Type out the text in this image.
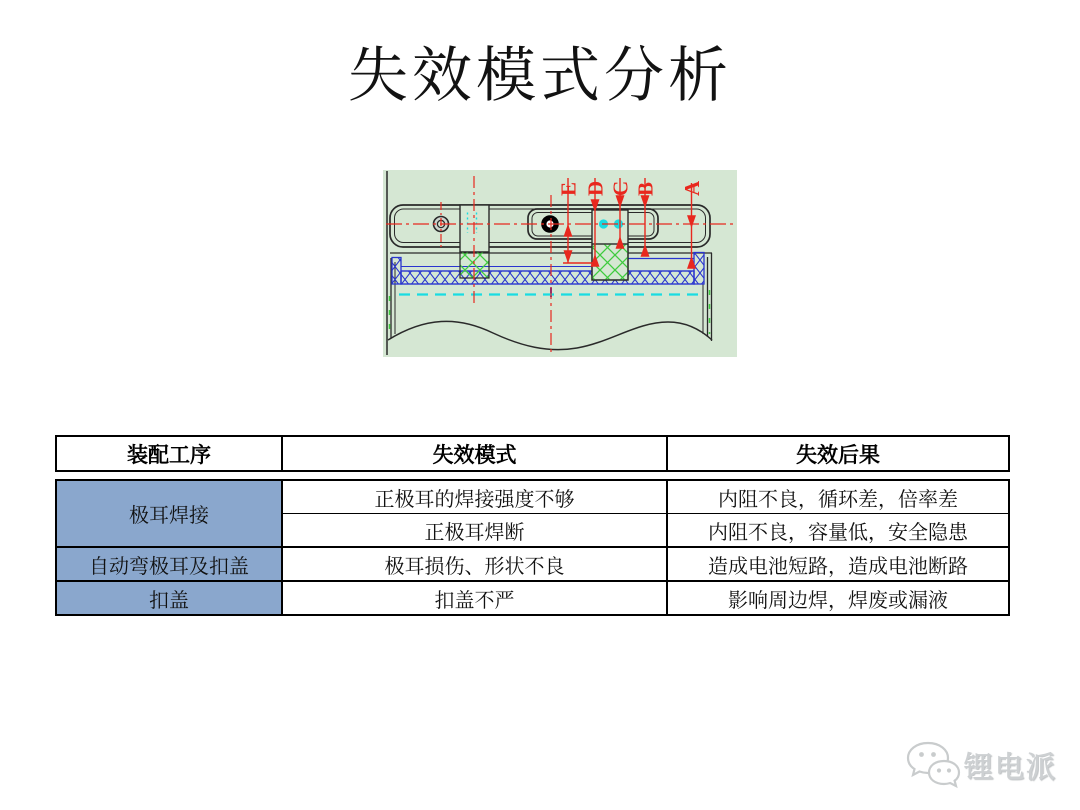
失效模式分析
E D C B A
装配工序	失效模式	失效后果
极耳焊接	正极耳的焊接强度不够	内阻不良，循环差，倍率差
	正极耳焊断	内阻不良，容量低，安全隐患
自动弯极耳及扣盖	极耳损伤、形状不良	造成电池短路，造成电池断路
扣盖	扣盖不严	影响周边焊，焊废或漏液
锂电派
